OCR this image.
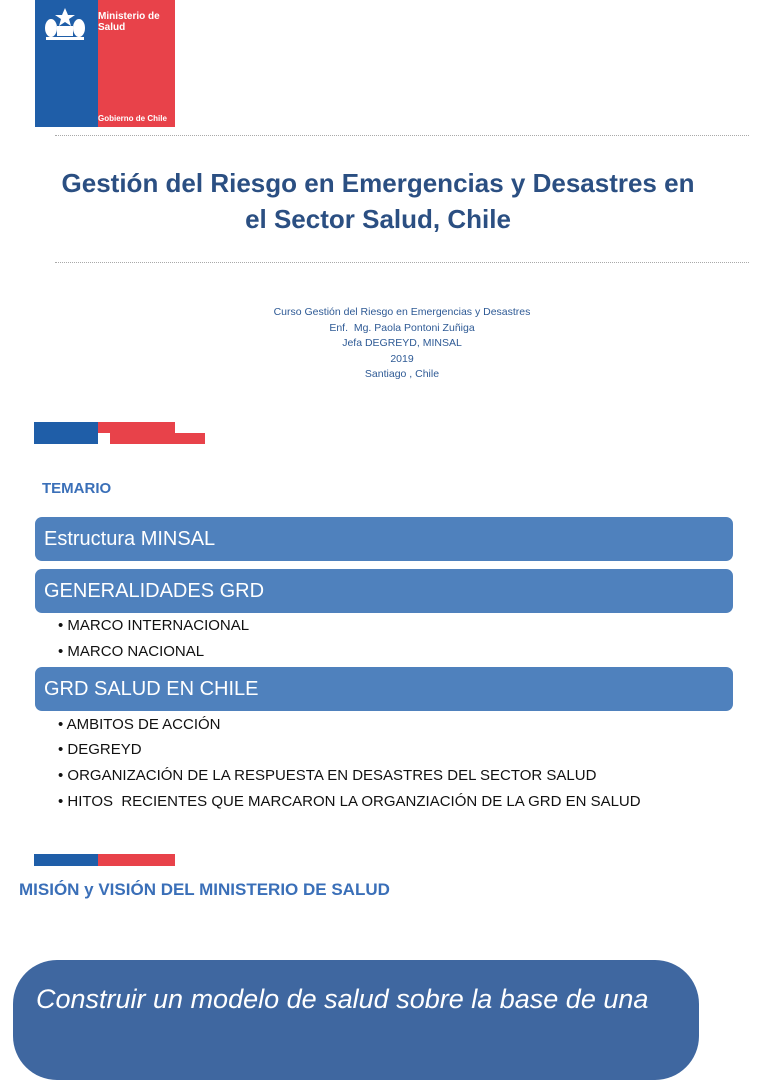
Ministerio de
Salud
Gobierno de Chile
Gestión del Riesgo en Emergencias y Desastres en
el Sector Salud, Chile
Curso Gestión del Riesgo en Emergencias y Desastres
Enf.  Mg. Paola Pontoni Zuñiga
Jefa DEGREYD, MINSAL
2019
Santiago , Chile
TEMARIO
Estructura MINSAL
GENERALIDADES GRD
• MARCO INTERNACIONAL
• MARCO NACIONAL
GRD SALUD EN CHILE
• AMBITOS DE ACCIÓN
• DEGREYD
• ORGANIZACIÓN DE LA RESPUESTA EN DESASTRES DEL SECTOR SALUD
• HITOS  RECIENTES QUE MARCARON LA ORGANZIACIÓN DE LA GRD EN SALUD
MISIÓN y VISIÓN DEL MINISTERIO DE SALUD
Construir un modelo de salud sobre la base de una
